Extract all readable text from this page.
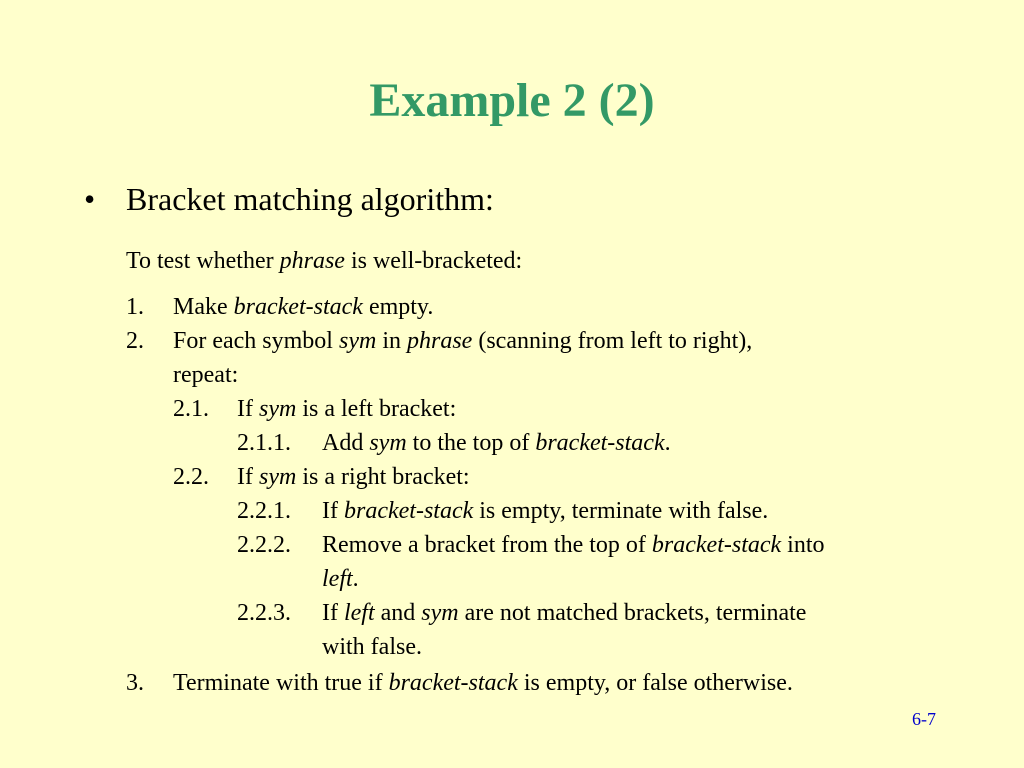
Example 2 (2)
• Bracket matching algorithm:
To test whether phrase is well-bracketed:
1. Make bracket-stack empty.
2. For each symbol sym in phrase (scanning from left to right),
repeat:
2.1. If sym is a left bracket:
2.1.1. Add sym to the top of bracket-stack.
2.2. If sym is a right bracket:
2.2.1. If bracket-stack is empty, terminate with false.
2.2.2. Remove a bracket from the top of bracket-stack into
left.
2.2.3. If left and sym are not matched brackets, terminate
with false.
3. Terminate with true if bracket-stack is empty, or false otherwise.
6-7
